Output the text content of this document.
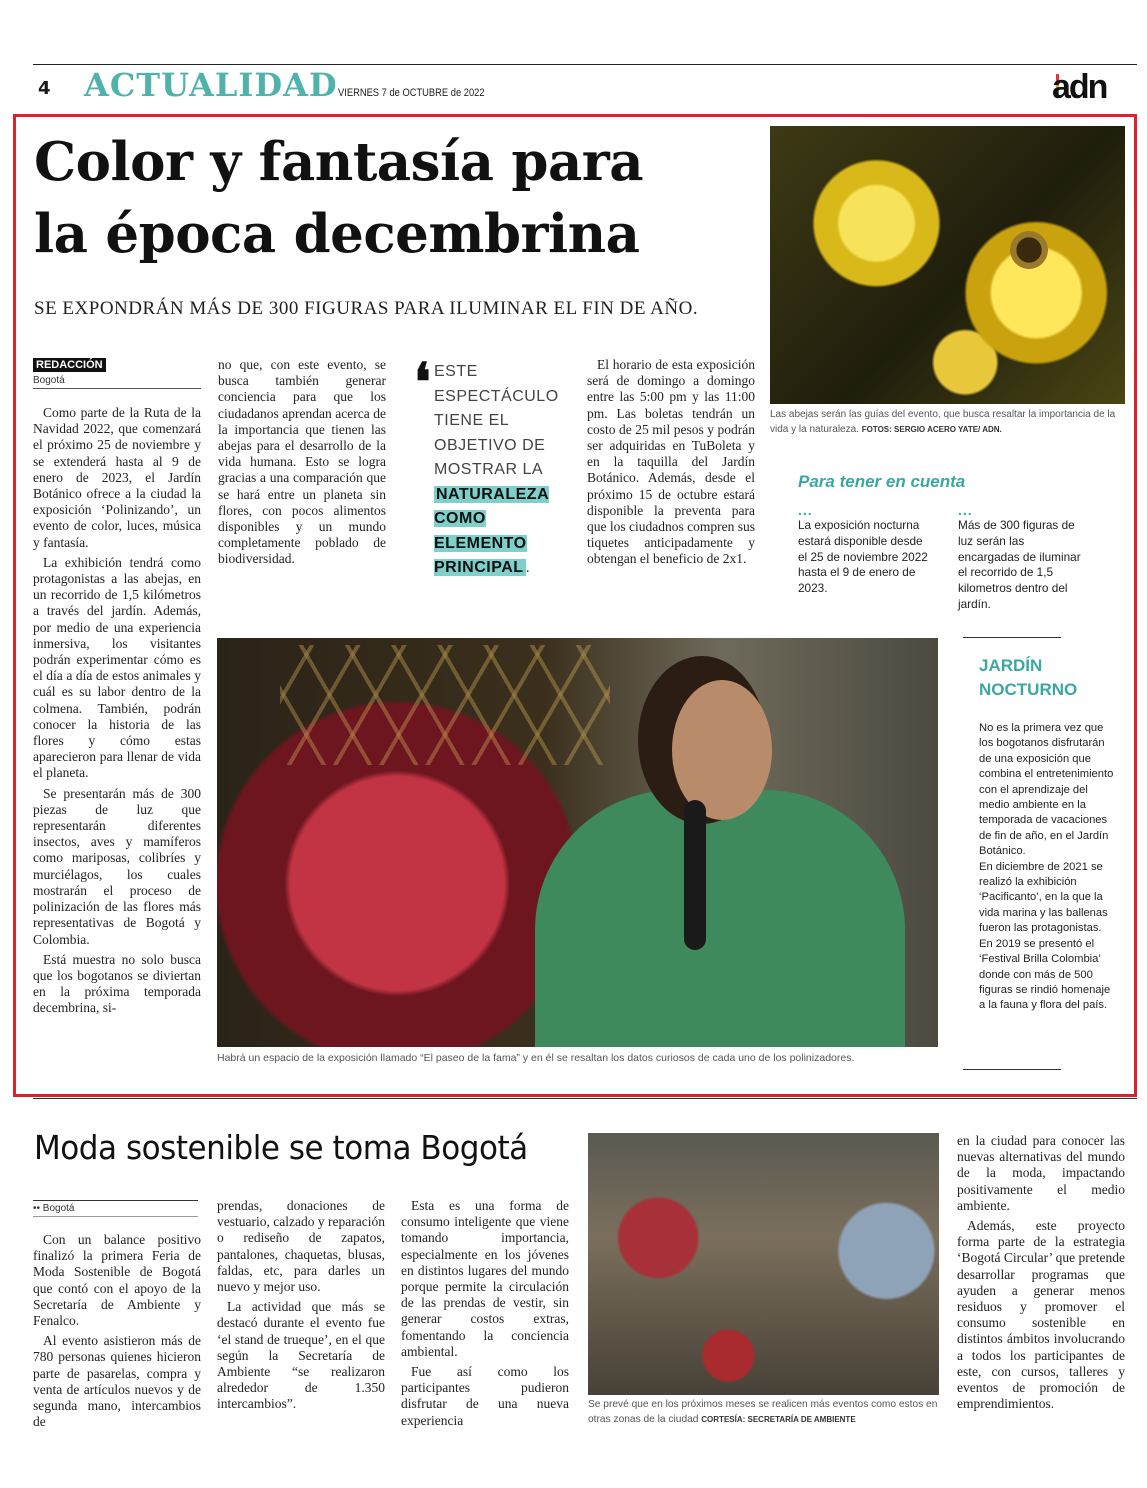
4 ACTUALIDAD VIERNES 7 de OCTUBRE de 2022	adn
Color y fantasía para
la época decembrina
SE EXPONDRÁN MÁS DE 300 FIGURAS PARA ILUMINAR EL FIN DE AÑO.
Las abejas serán las guías del evento, que busca resaltar la importancia de la vida y la naturaleza. FOTOS: SERGIO ACERO YATE/ ADN.
REDACCIÓN
Bogotá

Como parte de la Ruta de la Navidad 2022, que comenzará el próximo 25 de noviembre y se extenderá hasta al 9 de enero de 2023, el Jardín Botánico ofrece a la ciudad la exposición ‘Polinizando’, un evento de color, luces, música y fantasía.

La exhibición tendrá como protagonistas a las abejas, en un recorrido de 1,5 kilómetros a través del jardín. Además, por medio de una experiencia inmersiva, los visitantes podrán experimentar cómo es el día a día de estos animales y cuál es su labor dentro de la colmena. También, podrán conocer la historia de las flores y cómo estas aparecieron para llenar de vida el planeta.

Se presentarán más de 300 piezas de luz que representarán diferentes insectos, aves y mamíferos como mariposas, colibríes y murciélagos, los cuales mostrarán el proceso de polinización de las flores más representativas de Bogotá y Colombia.

Está muestra no solo busca que los bogotanos se diviertan en la próxima temporada decembrina, si-

no que, con este evento, se busca también generar conciencia para que los ciudadanos aprendan acerca de la importancia que tienen las abejas para el desarrollo de la vida humana. Esto se logra gracias a una comparación que se hará entre un planeta sin flores, con pocos alimentos disponibles y un mundo completamente poblado de biodiversidad.

❛ ESTE ESPECTÁCULO TIENE EL OBJETIVO DE MOSTRAR LA NATURALEZA COMO ELEMENTO PRINCIPAL .

El horario de esta exposición será de domingo a domingo entre las 5:00 pm y las 11:00 pm. Las boletas tendrán un costo de 25 mil pesos y podrán ser adquiridas en TuBoleta y en la taquilla del Jardín Botánico. Además, desde el próximo 15 de octubre estará disponible la preventa para que los ciudadnos compren sus tiquetes anticipadamente y obtengan el beneficio de 2x1.

Para tener en cuenta
...
La exposición nocturna estará disponible desde el 25 de noviembre 2022 hasta el 9 de enero de 2023.
...
Más de 300 figuras de luz serán las encargadas de iluminar el recorrido de 1,5 kilometros dentro del jardín.
Habrá un espacio de la exposición llamado “El paseo de la fama” y en él se resaltan los datos curiosos de cada uno de los polinizadores.
JARDÍN
NOCTURNO
No es la primera vez que los bogotanos disfrutarán de una exposición que combina el entretenimiento con el aprendizaje del medio ambiente en la temporada de vacaciones de fin de año, en el Jardín Botánico.
En diciembre de 2021 se realizó la exhibición ‘Pacificanto’, en la que la vida marina y las ballenas fueron las protagonistas. En 2019 se presentó el ‘Festival Brilla Colombia’ donde con más de 500 figuras se rindió homenaje a la fauna y flora del país.
Moda sostenible se toma Bogotá
•• Bogotá

Con un balance positivo finalizó la primera Feria de Moda Sostenible de Bogotá que contó con el apoyo de la Secretaría de Ambiente y Fenalco.

Al evento asistieron más de 780 personas quienes hicieron parte de pasarelas, compra y venta de artículos nuevos y de segunda mano, intercambios de

prendas, donaciones de vestuario, calzado y reparación o rediseño de zapatos, pantalones, chaquetas, blusas, faldas, etc, para darles un nuevo y mejor uso.

La actividad que más se destacó durante el evento fue ‘el stand de trueque’, en el que según la Secretaría de Ambiente “se realizaron alrededor de 1.350 intercambios”.

Esta es una forma de consumo inteligente que viene tomando importancia, especialmente en los jóvenes en distintos lugares del mundo porque permite la circulación de las prendas de vestir, sin generar costos extras, fomentando la conciencia ambiental.

Fue así como los participantes pudieron disfrutar de una nueva experiencia

Se prevé que en los próximos meses se realicen más eventos como estos en otras zonas de la ciudad CORTESÍA: SECRETARÍA DE AMBIENTE

en la ciudad para conocer las nuevas alternativas del mundo de la moda, impactando positivamente el medio ambiente.

Además, este proyecto forma parte de la estrategia ‘Bogotá Circular’ que pretende desarrollar programas que ayuden a generar menos residuos y promover el consumo sostenible en distintos ámbitos involucrando a todos los participantes de este, con cursos, talleres y eventos de promoción de emprendimientos.
